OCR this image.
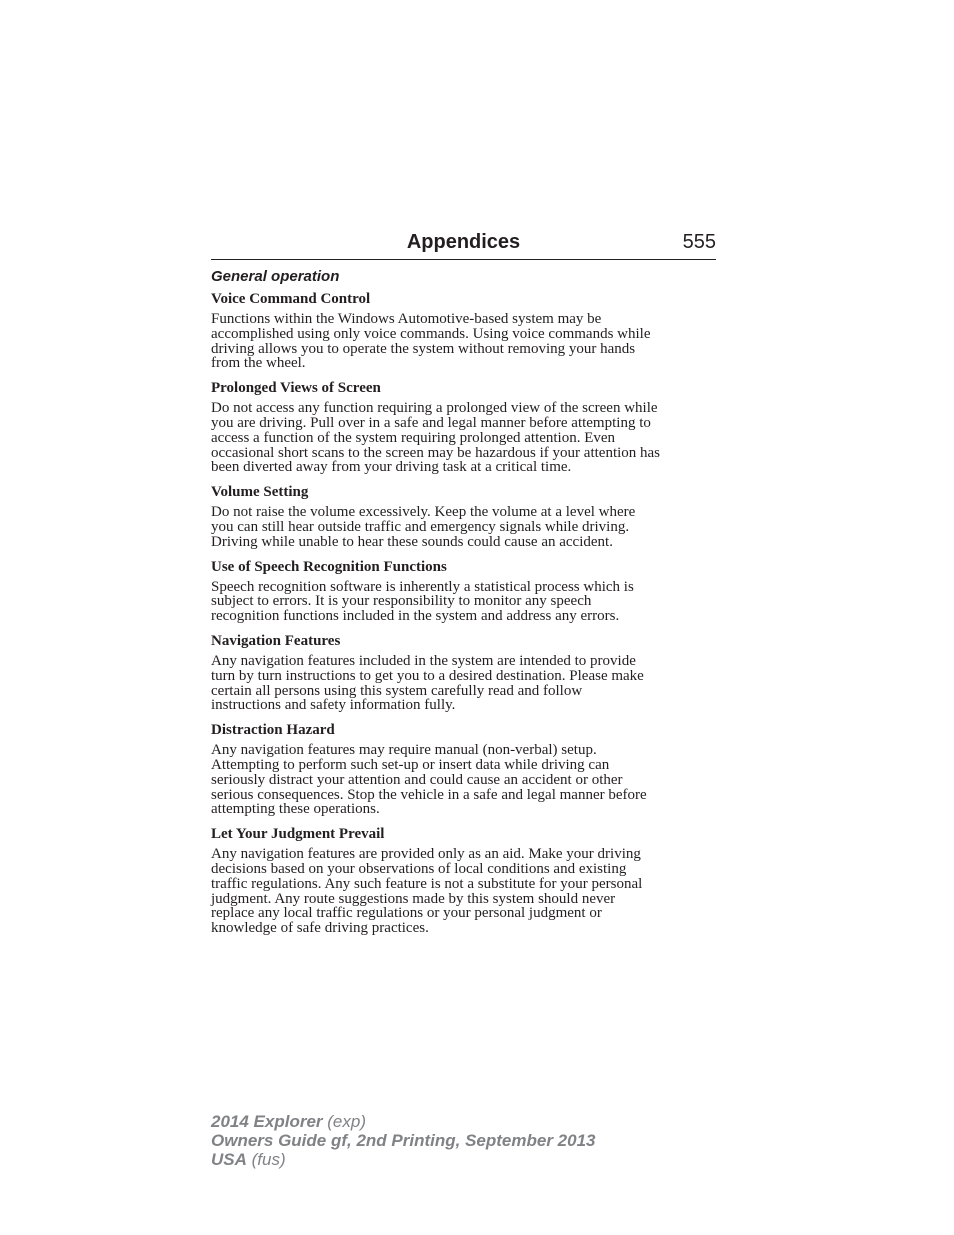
Appendices	555
General operation
Voice Command Control
Functions within the Windows Automotive-based system may be
accomplished using only voice commands. Using voice commands while
driving allows you to operate the system without removing your hands
from the wheel.
Prolonged Views of Screen
Do not access any function requiring a prolonged view of the screen while
you are driving. Pull over in a safe and legal manner before attempting to
access a function of the system requiring prolonged attention. Even
occasional short scans to the screen may be hazardous if your attention has
been diverted away from your driving task at a critical time.
Volume Setting
Do not raise the volume excessively. Keep the volume at a level where
you can still hear outside traffic and emergency signals while driving.
Driving while unable to hear these sounds could cause an accident.
Use of Speech Recognition Functions
Speech recognition software is inherently a statistical process which is
subject to errors. It is your responsibility to monitor any speech
recognition functions included in the system and address any errors.
Navigation Features
Any navigation features included in the system are intended to provide
turn by turn instructions to get you to a desired destination. Please make
certain all persons using this system carefully read and follow
instructions and safety information fully.
Distraction Hazard
Any navigation features may require manual (non-verbal) setup.
Attempting to perform such set-up or insert data while driving can
seriously distract your attention and could cause an accident or other
serious consequences. Stop the vehicle in a safe and legal manner before
attempting these operations.
Let Your Judgment Prevail
Any navigation features are provided only as an aid. Make your driving
decisions based on your observations of local conditions and existing
traffic regulations. Any such feature is not a substitute for your personal
judgment. Any route suggestions made by this system should never
replace any local traffic regulations or your personal judgment or
knowledge of safe driving practices.
2014 Explorer (exp)
Owners Guide gf, 2nd Printing, September 2013
USA (fus)
